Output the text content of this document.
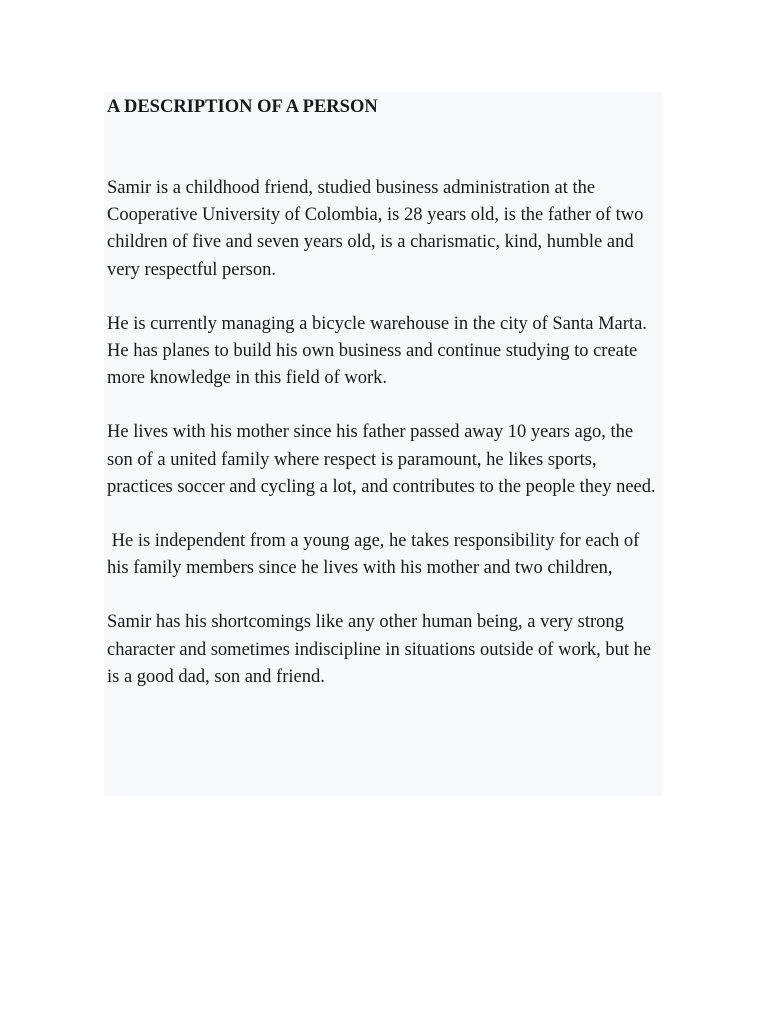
A DESCRIPTION OF A PERSON

Samir is a childhood friend, studied business administration at the Cooperative University of Colombia, is 28 years old, is the father of two children of five and seven years old, is a charismatic, kind, humble and very respectful person.

He is currently managing a bicycle warehouse in the city of Santa Marta. He has planes to build his own business and continue studying to create more knowledge in this field of work.

He lives with his mother since his father passed away 10 years ago, the son of a united family where respect is paramount, he likes sports, practices soccer and cycling a lot, and contributes to the people they need.

He is independent from a young age, he takes responsibility for each of his family members since he lives with his mother and two children,

Samir has his shortcomings like any other human being, a very strong character and sometimes indiscipline in situations outside of work, but he is a good dad, son and friend.
